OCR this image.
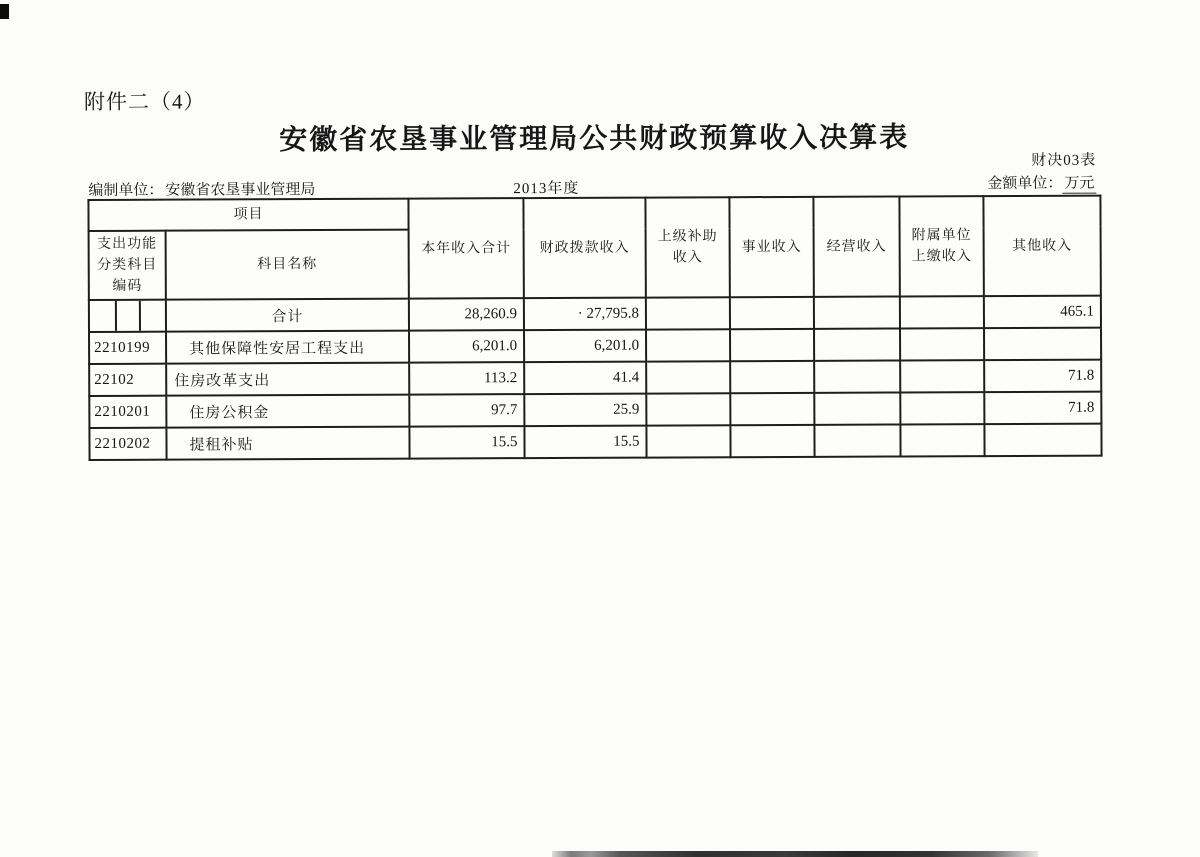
附件二（4）
安徽省农垦事业管理局公共财政预算收入决算表
财决03表
编制单位： 安徽省农垦事业管理局	2013年度	金额单位： 万元
项目		本年收入合计	财政拨款收入	上级补助收入	事业收入	经营收入	附属单位上缴收入	其他收入
支出功能分类科目编码	科目名称							

	合计	28,260.9	· 27,795.8					465.1
2210199	其他保障性安居工程支出	6,201.0	6,201.0					
22102	住房改革支出	113.2	41.4					71.8
2210201	住房公积金	97.7	25.9					71.8
2210202	提租补贴	15.5	15.5					
